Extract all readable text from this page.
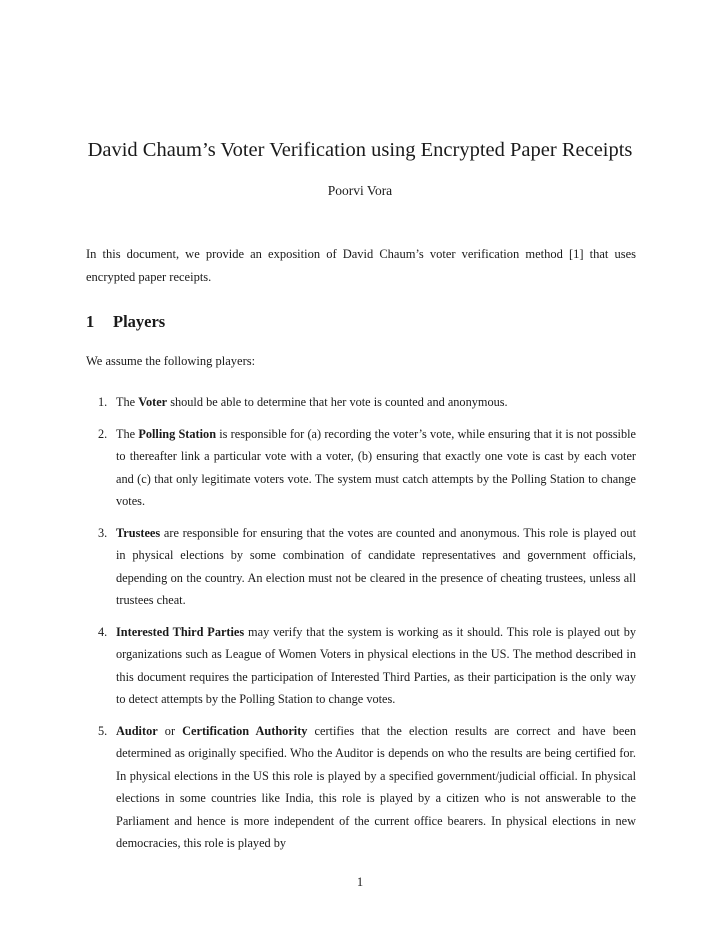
David Chaum’s Voter Verification using Encrypted Paper Receipts
Poorvi Vora
In this document, we provide an exposition of David Chaum’s voter verification method [1] that uses encrypted paper receipts.
1 Players
We assume the following players:
1. The Voter should be able to determine that her vote is counted and anonymous.
2. The Polling Station is responsible for (a) recording the voter’s vote, while ensuring that it is not possible to thereafter link a particular vote with a voter, (b) ensuring that exactly one vote is cast by each voter and (c) that only legitimate voters vote. The system must catch attempts by the Polling Station to change votes.
3. Trustees are responsible for ensuring that the votes are counted and anonymous. This role is played out in physical elections by some combination of candidate representatives and government officials, depending on the country. An election must not be cleared in the presence of cheating trustees, unless all trustees cheat.
4. Interested Third Parties may verify that the system is working as it should. This role is played out by organizations such as League of Women Voters in physical elections in the US. The method described in this document requires the participation of Interested Third Parties, as their participation is the only way to detect attempts by the Polling Station to change votes.
5. Auditor or Certification Authority certifies that the election results are correct and have been determined as originally specified. Who the Auditor is depends on who the results are being certified for. In physical elections in the US this role is played by a specified government/judicial official. In physical elections in some countries like India, this role is played by a citizen who is not answerable to the Parliament and hence is more independent of the current office bearers. In physical elections in new democracies, this role is played by
1
